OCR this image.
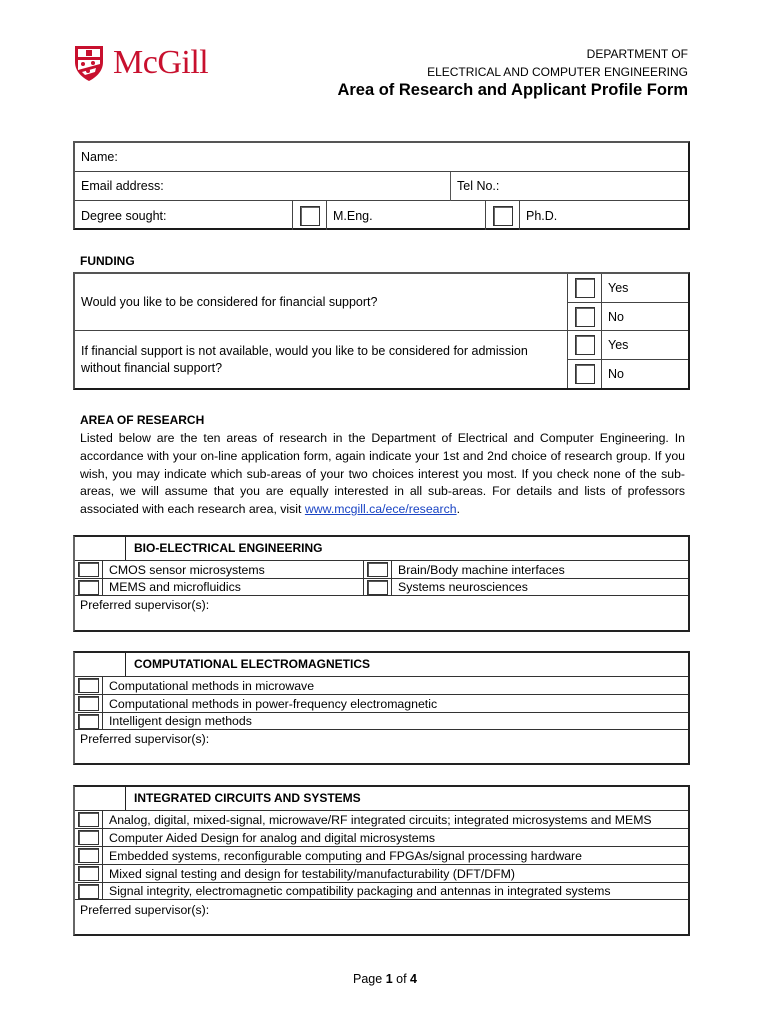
McGill	DEPARTMENT OF
ELECTRICAL AND COMPUTER ENGINEERING
Area of Research and Applicant Profile Form
Name:
Email address:	Tel No.:
Degree sought:	M.Eng.	Ph.D.
FUNDING
Would you like to be considered for financial support?
Yes
No
If financial support is not available, would you like to be considered for admission
without financial support?
Yes
No
AREA OF RESEARCH
Listed below are the ten areas of research in the Department of Electrical and Computer Engineering. In accordance with your on-line application form, again indicate your 1st and 2nd choice of research group. If you wish, you may indicate which sub-areas of your two choices interest you most. If you check none of the sub-areas, we will assume that you are equally interested in all sub-areas. For details and lists of professors associated with each research area, visit www.mcgill.ca/ece/research.
BIO-ELECTRICAL ENGINEERING
CMOS sensor microsystems	Brain/Body machine interfaces
MEMS and microfluidics	Systems neurosciences
Preferred supervisor(s):
COMPUTATIONAL ELECTROMAGNETICS
Computational methods in microwave
Computational methods in power-frequency electromagnetic
Intelligent design methods
Preferred supervisor(s):
INTEGRATED CIRCUITS AND SYSTEMS
Analog, digital, mixed-signal, microwave/RF integrated circuits; integrated microsystems and MEMS
Computer Aided Design for analog and digital microsystems
Embedded systems, reconfigurable computing and FPGAs/signal processing hardware
Mixed signal testing and design for testability/manufacturability (DFT/DFM)
Signal integrity, electromagnetic compatibility packaging and antennas in integrated systems
Preferred supervisor(s):
Page 1 of 4
